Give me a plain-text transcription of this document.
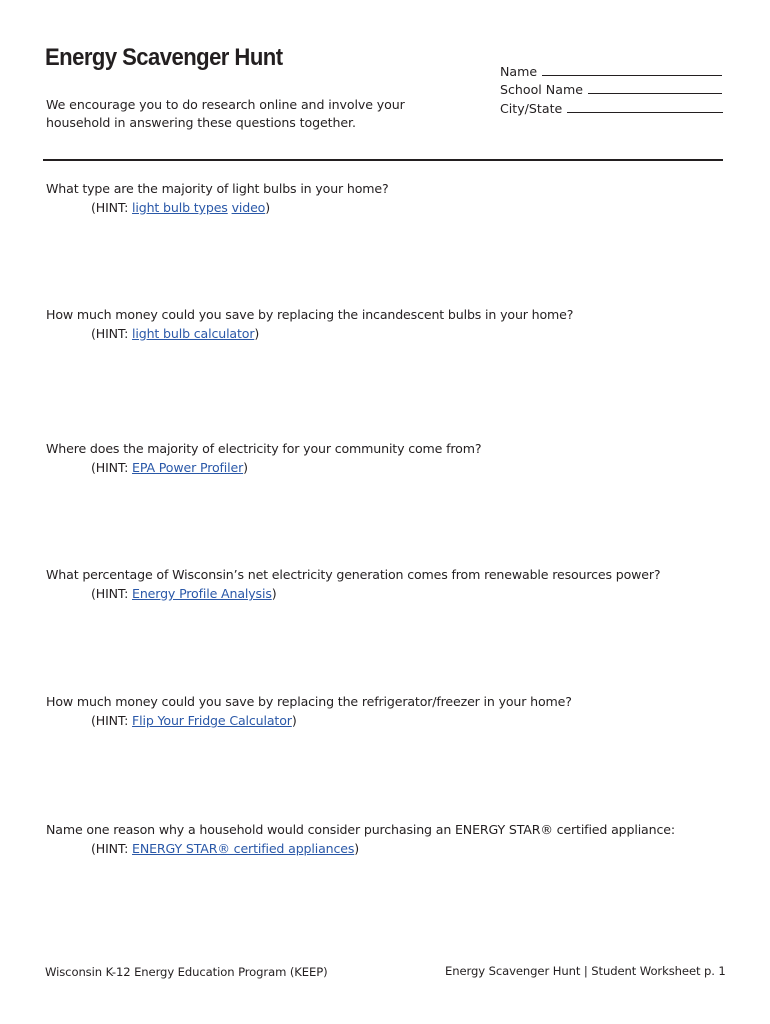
Energy Scavenger Hunt
We encourage you to do research online and involve your household in answering these questions together.
Name
School Name
City/State
What type are the majority of light bulbs in your home?
(HINT: light bulb types video)
How much money could you save by replacing the incandescent bulbs in your home?
(HINT: light bulb calculator)
Where does the majority of electricity for your community come from?
(HINT: EPA Power Profiler)
What percentage of Wisconsin’s net electricity generation comes from renewable resources power?
(HINT: Energy Profile Analysis)
How much money could you save by replacing the refrigerator/freezer in your home?
(HINT: Flip Your Fridge Calculator)
Name one reason why a household would consider purchasing an ENERGY STAR® certified appliance:
(HINT: ENERGY STAR® certified appliances)
Wisconsin K-12 Energy Education Program (KEEP)	Energy Scavenger Hunt | Student Worksheet p. 1
